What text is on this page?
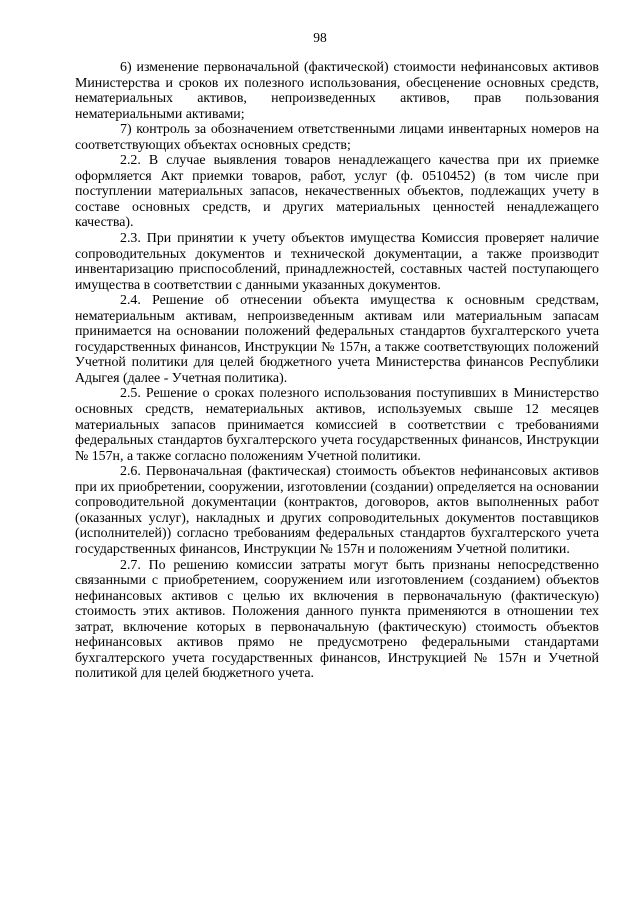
98

6) изменение первоначальной (фактической) стоимости нефинансовых активов Министерства и сроков их полезного использования, обесценение основных средств, нематериальных активов, непроизведенных активов, прав пользования нематериальными активами;

7) контроль за обозначением ответственными лицами инвентарных номеров на соответствующих объектах основных средств;

2.2. В случае выявления товаров ненадлежащего качества при их приемке оформляется Акт приемки товаров, работ, услуг (ф. 0510452) (в том числе при поступлении материальных запасов, некачественных объектов, подлежащих учету в составе основных средств, и других материальных ценностей ненадлежащего качества).

2.3. При принятии к учету объектов имущества Комиссия проверяет наличие сопроводительных документов и технической документации, а также производит инвентаризацию приспособлений, принадлежностей, составных частей поступающего имущества в соответствии с данными указанных документов.

2.4. Решение об отнесении объекта имущества к основным средствам, нематериальным активам, непроизведенным активам или материальным запасам принимается на основании положений федеральных стандартов бухгалтерского учета государственных финансов, Инструкции № 157н, а также соответствующих положений Учетной политики для целей бюджетного учета Министерства финансов Республики Адыгея (далее - Учетная политика).

2.5. Решение о сроках полезного использования поступивших в Министерство основных средств, нематериальных активов, используемых свыше 12 месяцев материальных запасов принимается комиссией в соответствии с требованиями федеральных стандартов бухгалтерского учета государственных финансов, Инструкции № 157н, а также согласно положениям Учетной политики.

2.6. Первоначальная (фактическая) стоимость объектов нефинансовых активов при их приобретении, сооружении, изготовлении (создании) определяется на основании сопроводительной документации (контрактов, договоров, актов выполненных работ (оказанных услуг), накладных и других сопроводительных документов поставщиков (исполнителей)) согласно требованиям федеральных стандартов бухгалтерского учета государственных финансов, Инструкции № 157н и положениям Учетной политики.

2.7. По решению комиссии затраты могут быть признаны непосредственно связанными с приобретением, сооружением или изготовлением (созданием) объектов нефинансовых активов с целью их включения в первоначальную (фактическую) стоимость этих активов. Положения данного пункта применяются в отношении тех затрат, включение которых в первоначальную (фактическую) стоимость объектов нефинансовых активов прямо не предусмотрено федеральными стандартами бухгалтерского учета государственных финансов, Инструкцией № 157н и Учетной политикой для целей бюджетного учета.
